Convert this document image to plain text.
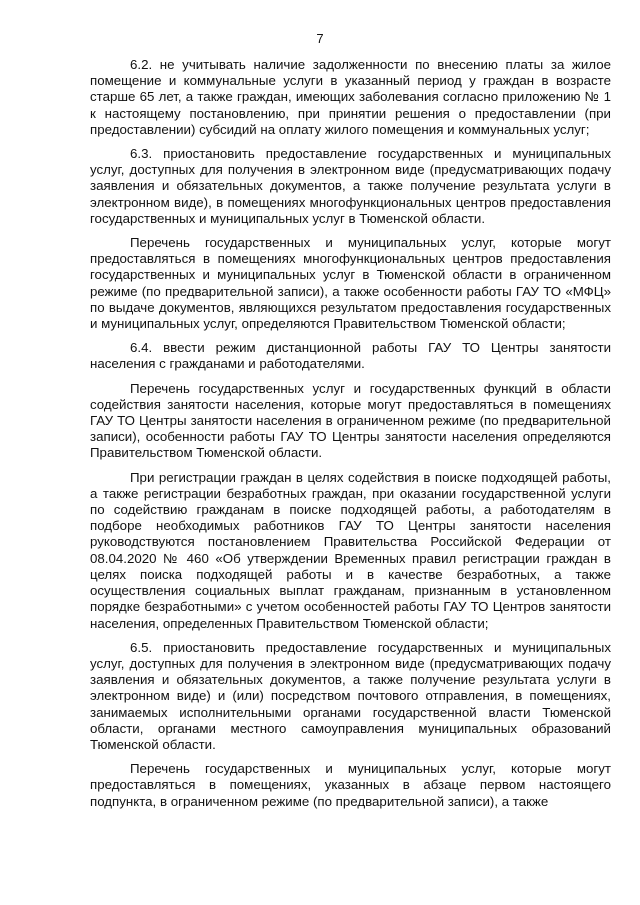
7

6.2. не учитывать наличие задолженности по внесению платы за жилое помещение и коммунальные услуги в указанный период у граждан в возрасте старше 65 лет, а также граждан, имеющих заболевания согласно приложению № 1 к настоящему постановлению, при принятии решения о предоставлении (при предоставлении) субсидий на оплату жилого помещения и коммунальных услуг;

6.3. приостановить предоставление государственных и муниципальных услуг, доступных для получения в электронном виде (предусматривающих подачу заявления и обязательных документов, а также получение результата услуги в электронном виде), в помещениях многофункциональных центров предоставления государственных и муниципальных услуг в Тюменской области.

Перечень государственных и муниципальных услуг, которые могут предоставляться в помещениях многофункциональных центров предоставления государственных и муниципальных услуг в Тюменской области в ограниченном режиме (по предварительной записи), а также особенности работы ГАУ ТО «МФЦ» по выдаче документов, являющихся результатом предоставления государственных и муниципальных услуг, определяются Правительством Тюменской области;

6.4. ввести режим дистанционной работы ГАУ ТО Центры занятости населения с гражданами и работодателями.

Перечень государственных услуг и государственных функций в области содействия занятости населения, которые могут предоставляться в помещениях ГАУ ТО Центры занятости населения в ограниченном режиме (по предварительной записи), особенности работы ГАУ ТО Центры занятости населения определяются Правительством Тюменской области.

При регистрации граждан в целях содействия в поиске подходящей работы, а также регистрации безработных граждан, при оказании государственной услуги по содействию гражданам в поиске подходящей работы, а работодателям в подборе необходимых работников ГАУ ТО Центры занятости населения руководствуются постановлением Правительства Российской Федерации от 08.04.2020 № 460 «Об утверждении Временных правил регистрации граждан в целях поиска подходящей работы и в качестве безработных, а также осуществления социальных выплат гражданам, признанным в установленном порядке безработными» с учетом особенностей работы ГАУ ТО Центров занятости населения, определенных Правительством Тюменской области;

6.5. приостановить предоставление государственных и муниципальных услуг, доступных для получения в электронном виде (предусматривающих подачу заявления и обязательных документов, а также получение результата услуги в электронном виде) и (или) посредством почтового отправления, в помещениях, занимаемых исполнительными органами государственной власти Тюменской области, органами местного самоуправления муниципальных образований Тюменской области.

Перечень государственных и муниципальных услуг, которые могут предоставляться в помещениях, указанных в абзаце первом настоящего подпункта, в ограниченном режиме (по предварительной записи), а также
